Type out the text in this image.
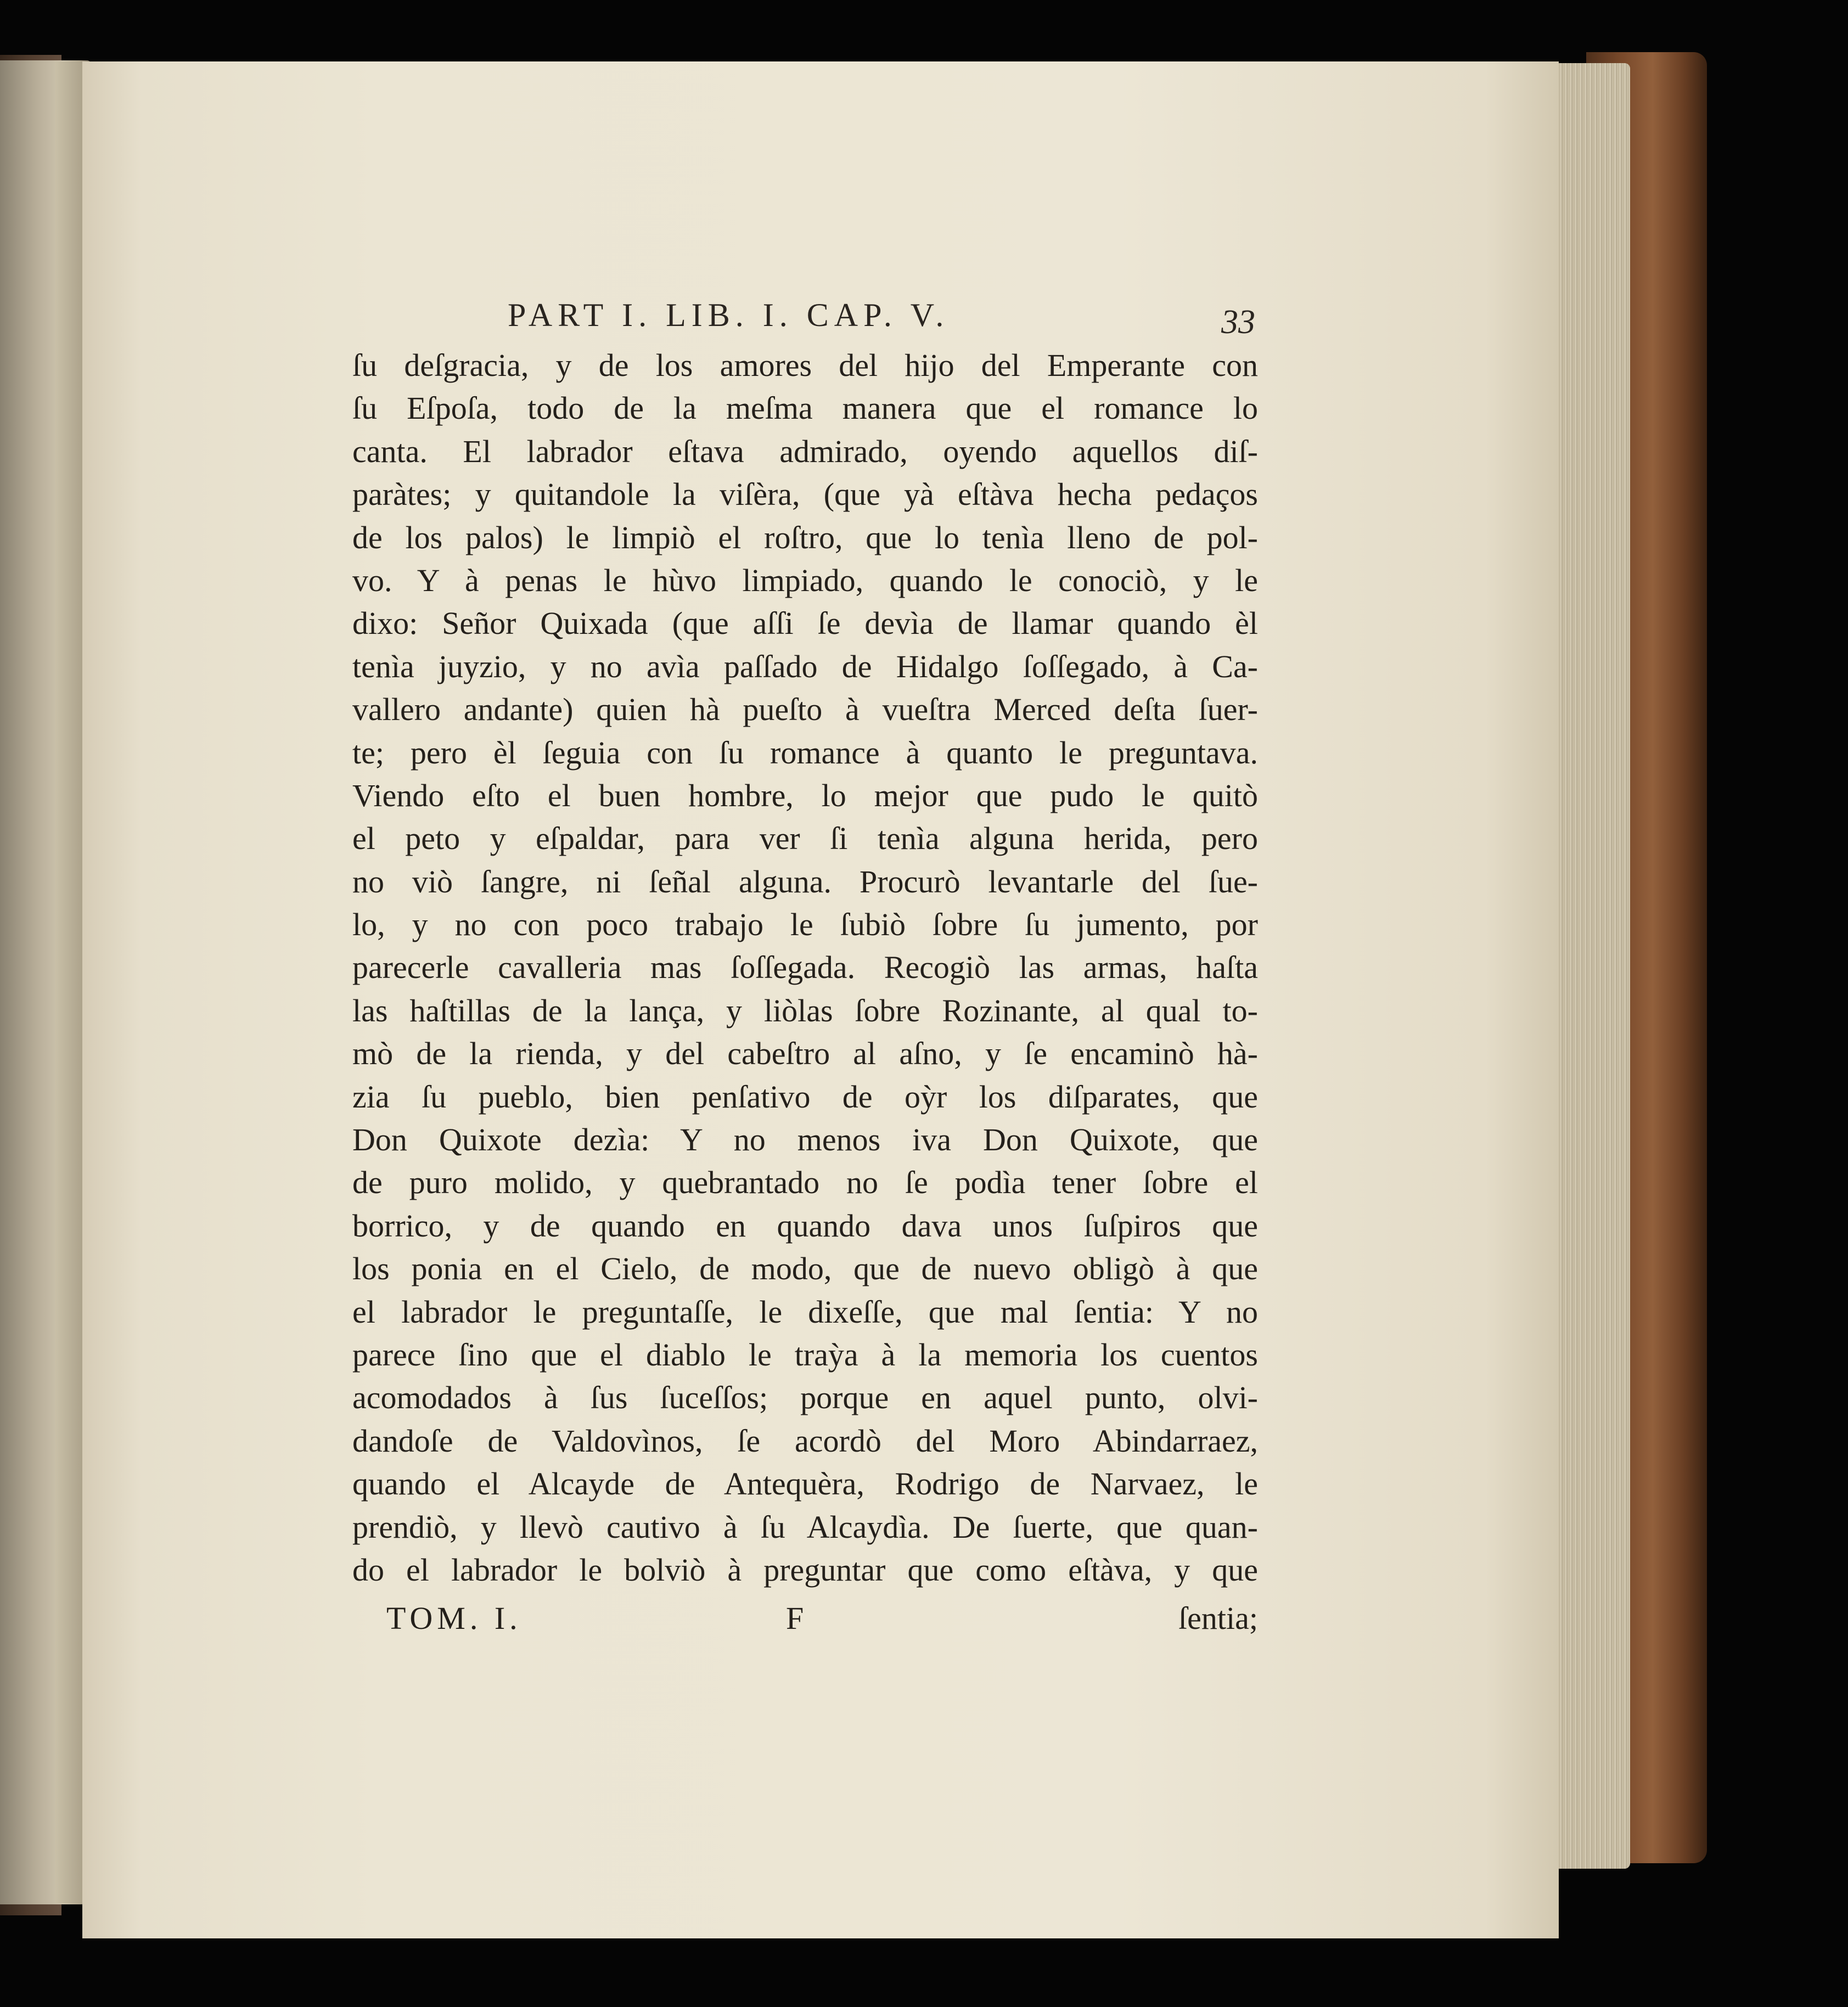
PART I. LIB. I. CAP. V.	33
ſu deſgracia, y de los amores del hijo del Emperante con
ſu Eſpoſa, todo de la meſma manera que el romance lo
canta. El labrador eſtava admirado, oyendo aquellos diſ-
paràtes; y quitandole la viſèra, (que yà eſtàva hecha pedaços
de los palos) le limpiò el roſtro, que lo tenìa lleno de pol-
vo. Y à penas le hùvo limpiado, quando le conociò, y le
dixo: Señor Quixada (que aſſi ſe devìa de llamar quando èl
tenìa juyzio, y no avìa paſſado de Hidalgo ſoſſegado, à Ca-
vallero andante) quien hà pueſto à vueſtra Merced deſta ſuer-
te; pero èl ſeguia con ſu romance à quanto le preguntava.
Viendo eſto el buen hombre, lo mejor que pudo le quitò
el peto y eſpaldar, para ver ſi tenìa alguna herida, pero
no viò ſangre, ni ſeñal alguna. Procurò levantarle del ſue-
lo, y no con poco trabajo le ſubiò ſobre ſu jumento, por
parecerle cavalleria mas ſoſſegada. Recogiò las armas, haſta
las haſtillas de la lança, y liòlas ſobre Rozinante, al qual to-
mò de la rienda, y del cabeſtro al aſno, y ſe encaminò hà-
zia ſu pueblo, bien penſativo de oỳr los diſparates, que
Don Quixote dezìa: Y no menos iva Don Quixote, que
de puro molido, y quebrantado no ſe podìa tener ſobre el
borrico, y de quando en quando dava unos ſuſpiros que
los ponia en el Cielo, de modo, que de nuevo obligò à que
el labrador le preguntaſſe, le dixeſſe, que mal ſentia: Y no
parece ſino que el diablo le traỳa à la memoria los cuentos
acomodados à ſus ſuceſſos; porque en aquel punto, olvi-
dandoſe de Valdovìnos, ſe acordò del Moro Abindarraez,
quando el Alcayde de Antequèra, Rodrigo de Narvaez, le
prendiò, y llevò cautivo à ſu Alcaydìa. De ſuerte, que quan-
do el labrador le bolviò à preguntar que como eſtàva, y que
TOM. I.	F	ſentia;
